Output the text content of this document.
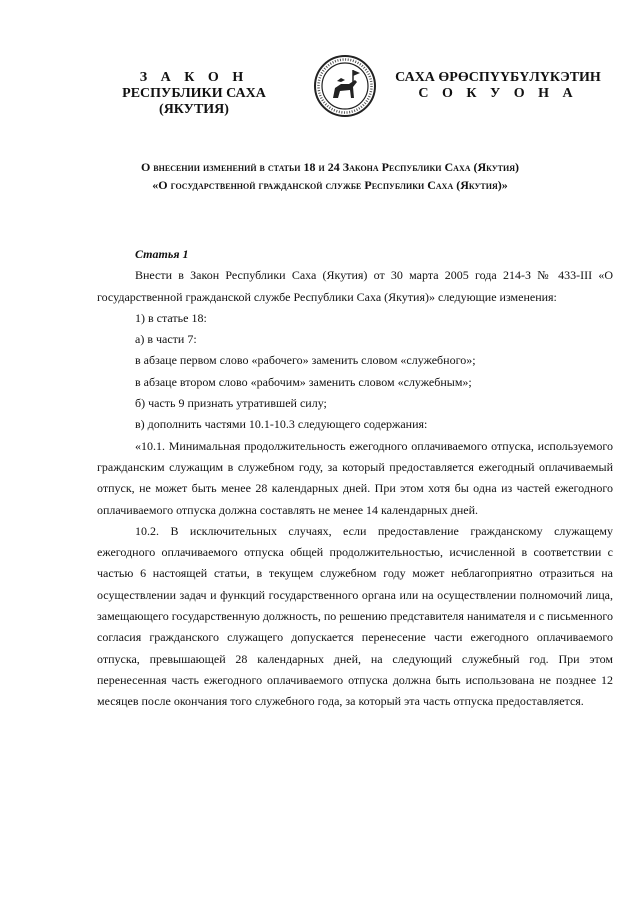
З А К О Н
РЕСПУБЛИКИ САХА (ЯКУТИЯ)
САХА ӨРӨСПҮҮБҮЛҮКЭТИН
С О К У О Н А
О внесении изменений в статьи 18 и 24 Закона Республики Саха (Якутия)
«О государственной гражданской службе Республики Саха (Якутия)»

Статья 1

Внести в Закон Республики Саха (Якутия) от 30 марта 2005 года 214-З № 433-III «О государственной гражданской службе Республики Саха (Якутия)» следующие изменения:

1) в статье 18:

а) в части 7:

в абзаце первом слово «рабочего» заменить словом «служебного»;

в абзаце втором слово «рабочим» заменить словом «служебным»;

б) часть 9 признать утратившей силу;

в) дополнить частями 10.1-10.3 следующего содержания:

«10.1. Минимальная продолжительность ежегодного оплачиваемого отпуска, используемого гражданским служащим в служебном году, за который предоставляется ежегодный оплачиваемый отпуск, не может быть менее 28 календарных дней. При этом хотя бы одна из частей ежегодного оплачиваемого отпуска должна составлять не менее 14 календарных дней.

10.2. В исключительных случаях, если предоставление гражданскому служащему ежегодного оплачиваемого отпуска общей продолжительностью, исчисленной в соответствии с частью 6 настоящей статьи, в текущем служебном году может неблагоприятно отразиться на осуществлении задач и функций государственного органа или на осуществлении полномочий лица, замещающего государственную должность, по решению представителя нанимателя и с письменного согласия гражданского служащего допускается перенесение части ежегодного оплачиваемого отпуска, превышающей 28 календарных дней, на следующий служебный год. При этом перенесенная часть ежегодного оплачиваемого отпуска должна быть использована не позднее 12 месяцев после окончания того служебного года, за который эта часть отпуска предоставляется.
